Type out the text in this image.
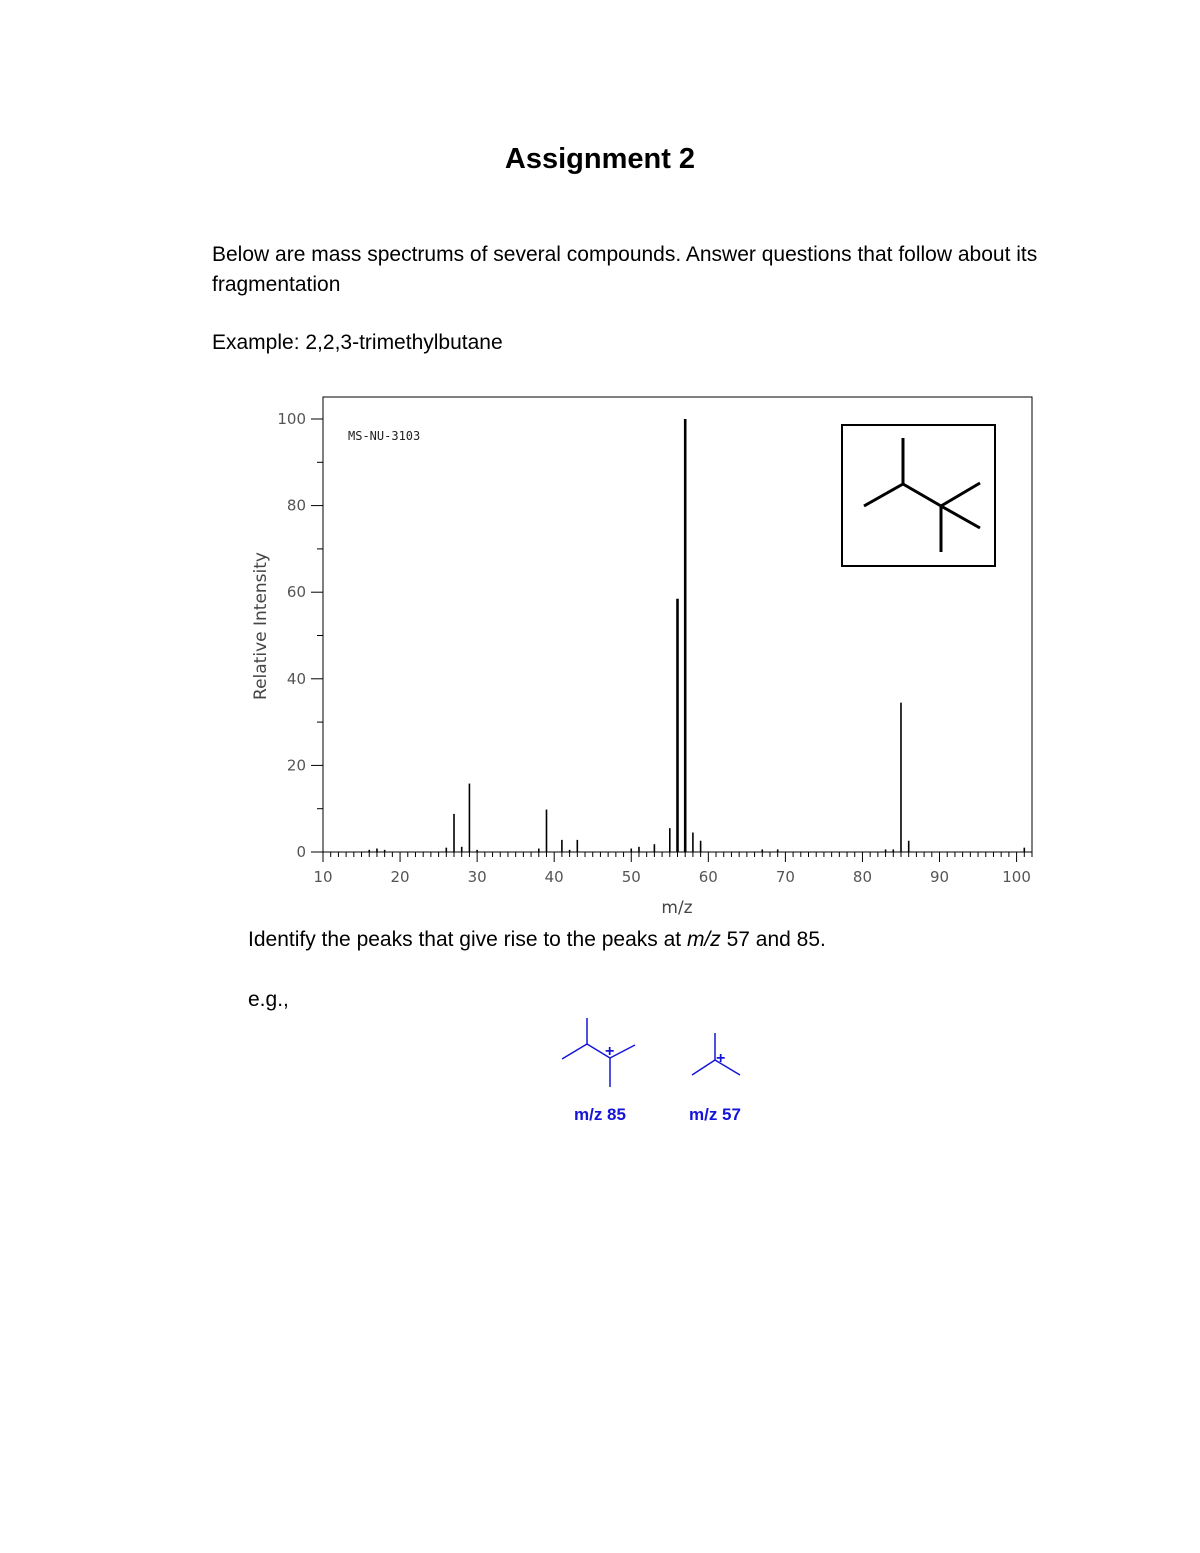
Assignment 2
Below are mass spectrums of several compounds. Answer questions that follow about its fragmentation
Example: 2,2,3-trimethylbutane
0
20
40
60
80
100
10	20	30	40	50	60	70	80	90	100
MS-NU-3103
m/z
Relative Intensity
Identify the peaks that give rise to the peaks at m/z 57 and 85.
e.g.,
+
m/z 85
+
m/z 57
